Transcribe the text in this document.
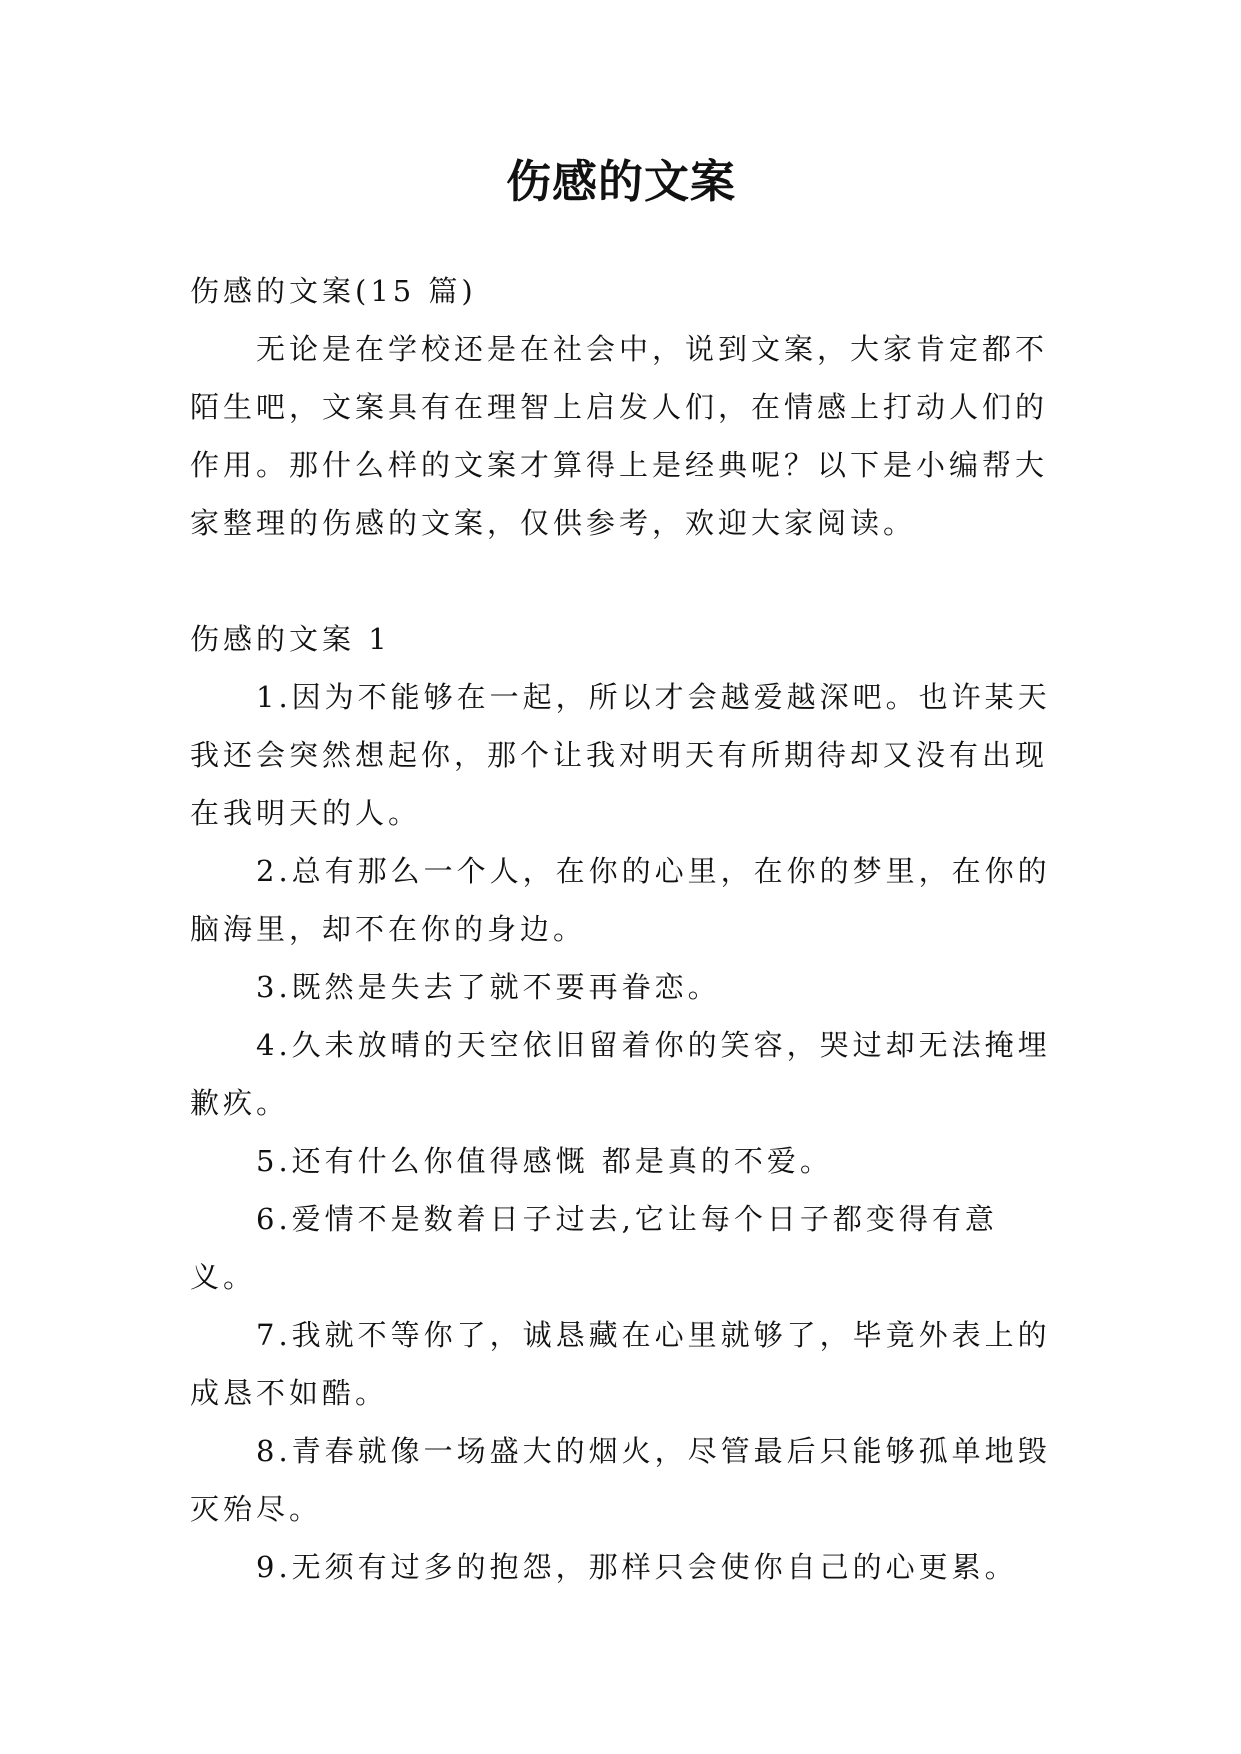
伤感的文案

伤感的文案(15 篇)

无论是在学校还是在社会中，说到文案，大家肯定都不陌生吧，文案具有在理智上启发人们，在情感上打动人们的作用。那什么样的文案才算得上是经典呢？以下是小编帮大家整理的伤感的文案，仅供参考，欢迎大家阅读。

伤感的文案 1

1.因为不能够在一起，所以才会越爱越深吧。也许某天我还会突然想起你，那个让我对明天有所期待却又没有出现在我明天的人。

2.总有那么一个人，在你的心里，在你的梦里，在你的脑海里，却不在你的身边。

3.既然是失去了就不要再眷恋。

4.久未放晴的天空依旧留着你的笑容，哭过却无法掩埋歉疚。

5.还有什么你值得感慨 都是真的不爱。

6.爱情不是数着日子过去,它让每个日子都变得有意义。

7.我就不等你了，诚恳藏在心里就够了，毕竟外表上的成恳不如酷。

8.青春就像一场盛大的烟火，尽管最后只能够孤单地毁灭殆尽。

9.无须有过多的抱怨，那样只会使你自己的心更累。
